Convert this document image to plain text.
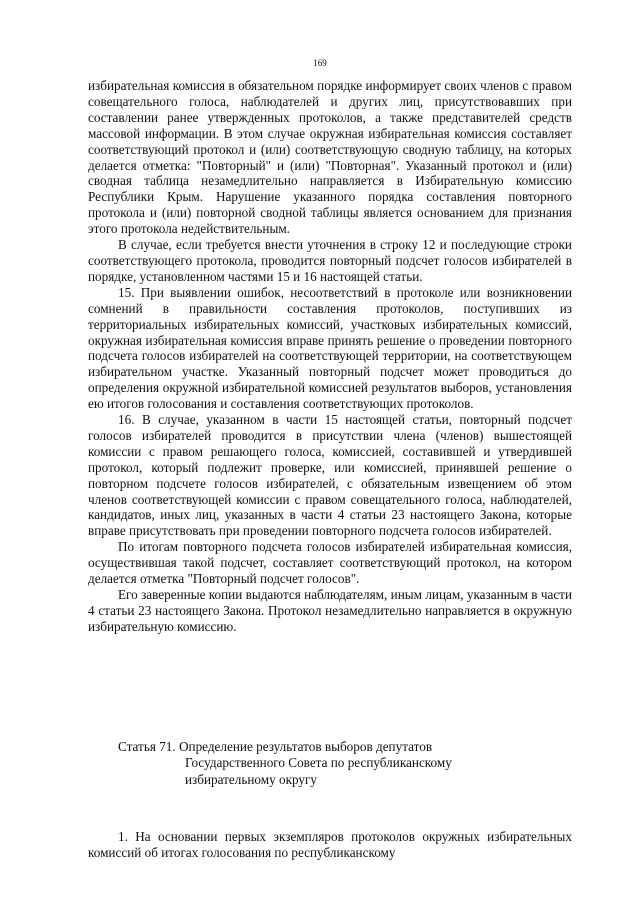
169

избирательная комиссия в обязательном порядке информирует своих членов с правом совещательного голоса, наблюдателей и других лиц, присутствовавших при составлении ранее утвержденных протоколов, а также представителей средств массовой информации. В этом случае окружная избирательная комиссия составляет соответствующий протокол и (или) соответствующую сводную таблицу, на которых делается отметка: "Повторный" и (или) "Повторная". Указанный протокол и (или) сводная таблица незамедлительно направляется в Избирательную комиссию Республики Крым. Нарушение указанного порядка составления повторного протокола и (или) повторной сводной таблицы является основанием для признания этого протокола недействительным.

В случае, если требуется внести уточнения в строку 12 и последующие строки соответствующего протокола, проводится повторный подсчет голосов избирателей в порядке, установленном частями 15 и 16 настоящей статьи.

15. При выявлении ошибок, несоответствий в протоколе или возникновении сомнений в правильности составления протоколов, поступивших из территориальных избирательных комиссий, участковых избирательных комиссий, окружная избирательная комиссия вправе принять решение о проведении повторного подсчета голосов избирателей на соответствующей территории, на соответствующем избирательном участке. Указанный повторный подсчет может проводиться до определения окружной избирательной комиссией результатов выборов, установления ею итогов голосования и составления соответствующих протоколов.

16. В случае, указанном в части 15 настоящей статьи, повторный подсчет голосов избирателей проводится в присутствии члена (членов) вышестоящей комиссии с правом решающего голоса, комиссией, составившей и утвердившей протокол, который подлежит проверке, или комиссией, принявшей решение о повторном подсчете голосов избирателей, с обязательным извещением об этом членов соответствующей комиссии с правом совещательного голоса, наблюдателей, кандидатов, иных лиц, указанных в части 4 статьи 23 настоящего Закона, которые вправе присутствовать при проведении повторного подсчета голосов избирателей.

По итогам повторного подсчета голосов избирателей избирательная комиссия, осуществившая такой подсчет, составляет соответствующий протокол, на котором делается отметка "Повторный подсчет голосов".

Его заверенные копии выдаются наблюдателям, иным лицам, указанным в части 4 статьи 23 настоящего Закона. Протокол незамедлительно направляется в окружную избирательную комиссию.

Статья 71. Определение результатов выборов депутатов
Государственного Совета по республиканскому
избирательному округу

1. На основании первых экземпляров протоколов окружных избирательных комиссий об итогах голосования по республиканскому
